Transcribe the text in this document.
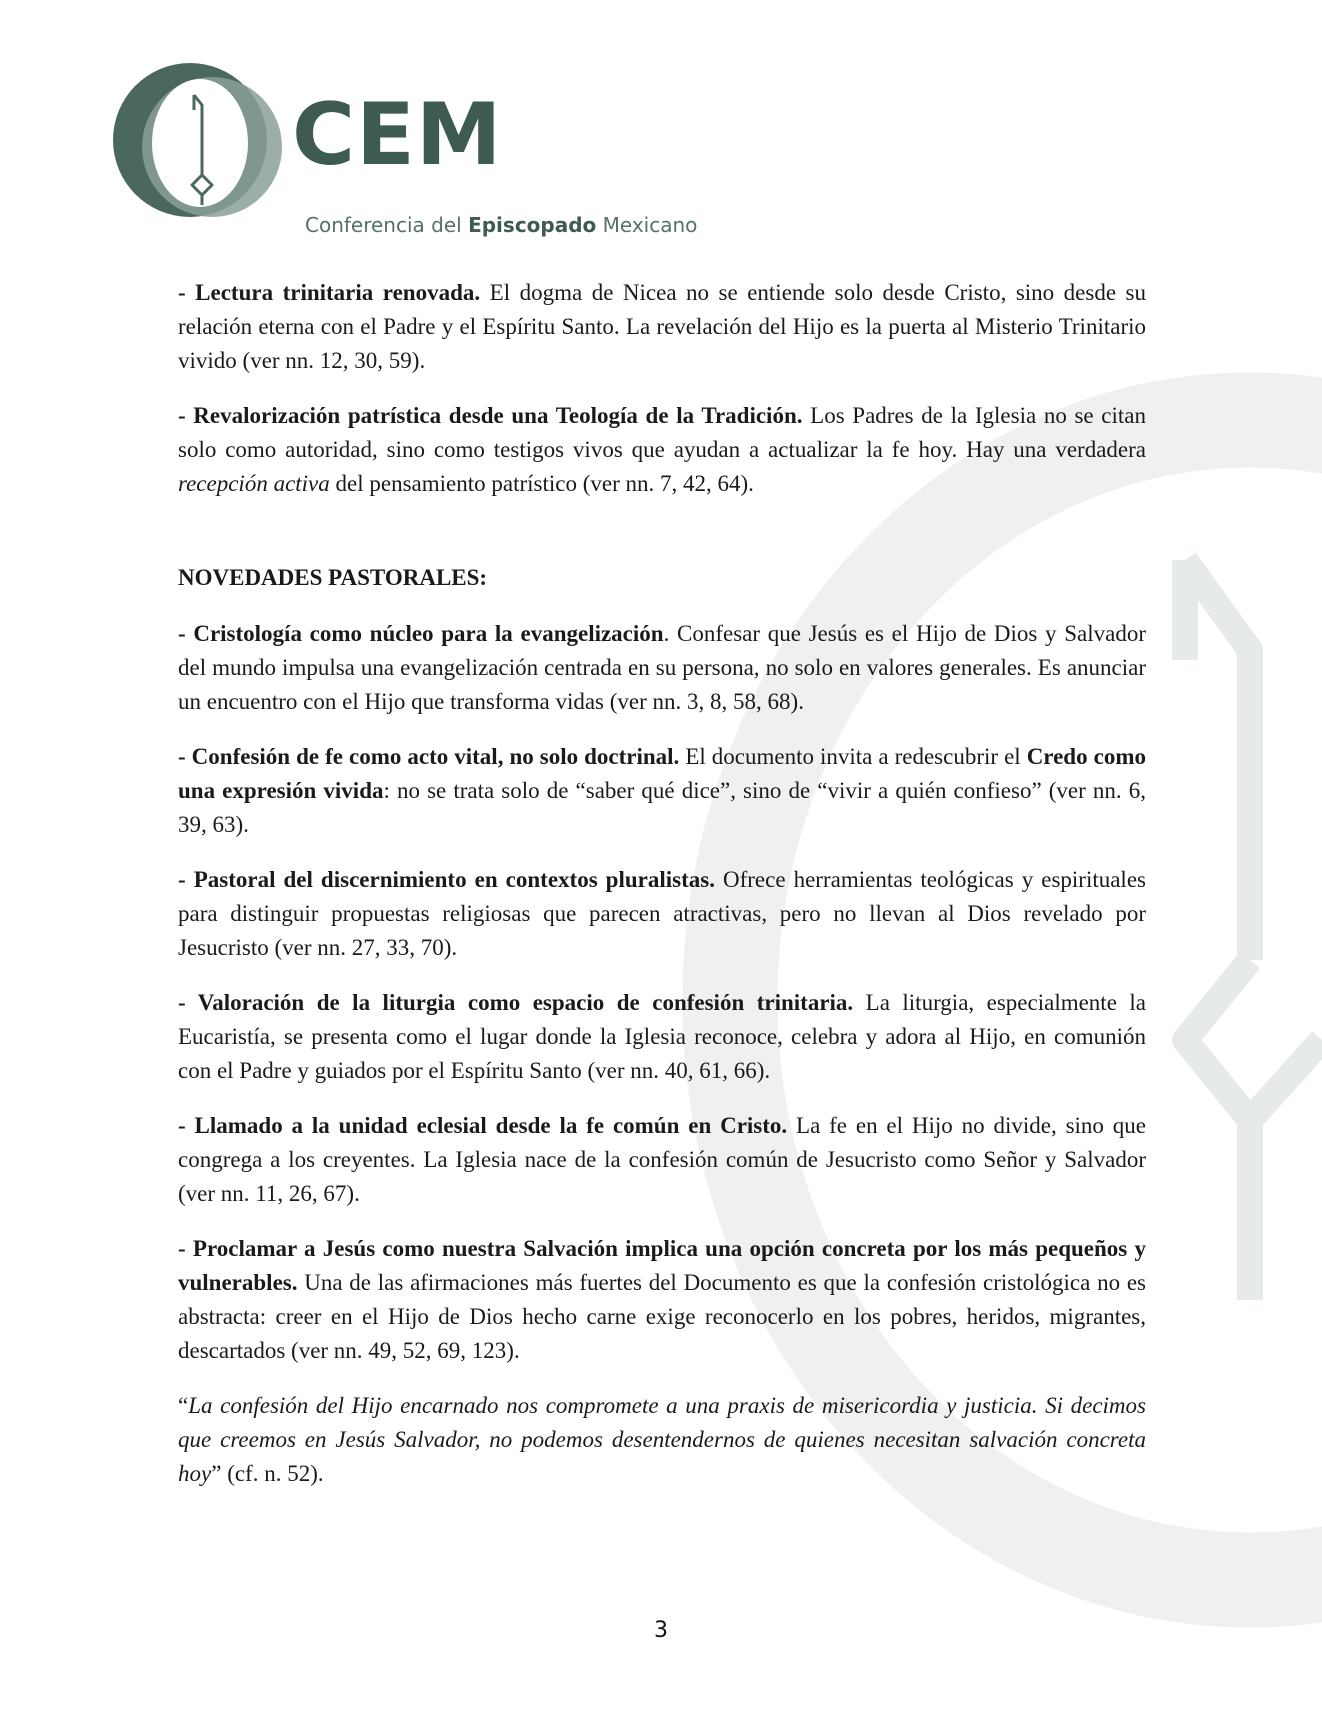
CEM

Conferencia del Episcopado Mexicano

- Lectura trinitaria renovada. El dogma de Nicea no se entiende solo desde Cristo, sino desde su relación eterna con el Padre y el Espíritu Santo. La revelación del Hijo es la puerta al Misterio Trinitario vivido (ver nn. 12, 30, 59).

- Revalorización patrística desde una Teología de la Tradición. Los Padres de la Iglesia no se citan solo como autoridad, sino como testigos vivos que ayudan a actualizar la fe hoy. Hay una verdadera recepción activa del pensamiento patrístico (ver nn. 7, 42, 64).

NOVEDADES PASTORALES:

- Cristología como núcleo para la evangelización. Confesar que Jesús es el Hijo de Dios y Salvador del mundo impulsa una evangelización centrada en su persona, no solo en valores generales. Es anunciar un encuentro con el Hijo que transforma vidas (ver nn. 3, 8, 58, 68).

- Confesión de fe como acto vital, no solo doctrinal. El documento invita a redescubrir el Credo como una expresión vivida: no se trata solo de “saber qué dice”, sino de “vivir a quién confieso” (ver nn. 6, 39, 63).

- Pastoral del discernimiento en contextos pluralistas. Ofrece herramientas teológicas y espirituales para distinguir propuestas religiosas que parecen atractivas, pero no llevan al Dios revelado por Jesucristo (ver nn. 27, 33, 70).

- Valoración de la liturgia como espacio de confesión trinitaria. La liturgia, especialmente la Eucaristía, se presenta como el lugar donde la Iglesia reconoce, celebra y adora al Hijo, en comunión con el Padre y guiados por el Espíritu Santo (ver nn. 40, 61, 66).

- Llamado a la unidad eclesial desde la fe común en Cristo. La fe en el Hijo no divide, sino que congrega a los creyentes. La Iglesia nace de la confesión común de Jesucristo como Señor y Salvador (ver nn. 11, 26, 67).

- Proclamar a Jesús como nuestra Salvación implica una opción concreta por los más pequeños y vulnerables. Una de las afirmaciones más fuertes del Documento es que la confesión cristológica no es abstracta: creer en el Hijo de Dios hecho carne exige reconocerlo en los pobres, heridos, migrantes, descartados (ver nn. 49, 52, 69, 123).

“La confesión del Hijo encarnado nos compromete a una praxis de misericordia y justicia. Si decimos que creemos en Jesús Salvador, no podemos desentendernos de quienes necesitan salvación concreta hoy” (cf. n. 52).

3
